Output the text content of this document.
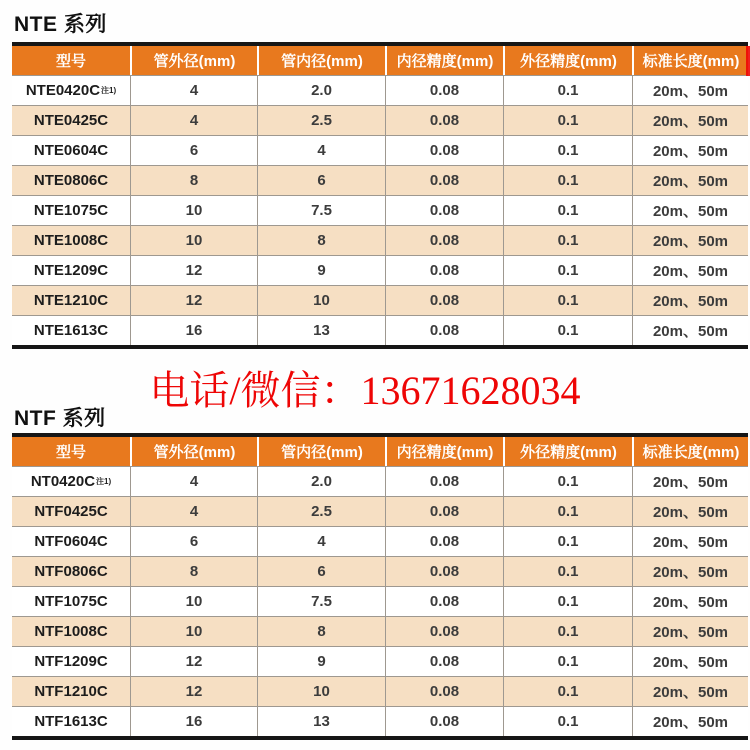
NTE 系列
型号	管外径(mm)	管内径(mm)	内径精度(mm)	外径精度(mm)	标准长度(mm)
NTE0420C 注1)	4	2.0	0.08	0.1	20m、50m
NTE0425C	4	2.5	0.08	0.1	20m、50m
NTE0604C	6	4	0.08	0.1	20m、50m
NTE0806C	8	6	0.08	0.1	20m、50m
NTE1075C	10	7.5	0.08	0.1	20m、50m
NTE1008C	10	8	0.08	0.1	20m、50m
NTE1209C	12	9	0.08	0.1	20m、50m
NTE1210C	12	10	0.08	0.1	20m、50m
NTE1613C	16	13	0.08	0.1	20m、50m
电话/微信：13671628034
NTF 系列
型号	管外径(mm)	管内径(mm)	内径精度(mm)	外径精度(mm)	标准长度(mm)
NT0420C 注1)	4	2.0	0.08	0.1	20m、50m
NTF0425C	4	2.5	0.08	0.1	20m、50m
NTF0604C	6	4	0.08	0.1	20m、50m
NTF0806C	8	6	0.08	0.1	20m、50m
NTF1075C	10	7.5	0.08	0.1	20m、50m
NTF1008C	10	8	0.08	0.1	20m、50m
NTF1209C	12	9	0.08	0.1	20m、50m
NTF1210C	12	10	0.08	0.1	20m、50m
NTF1613C	16	13	0.08	0.1	20m、50m
